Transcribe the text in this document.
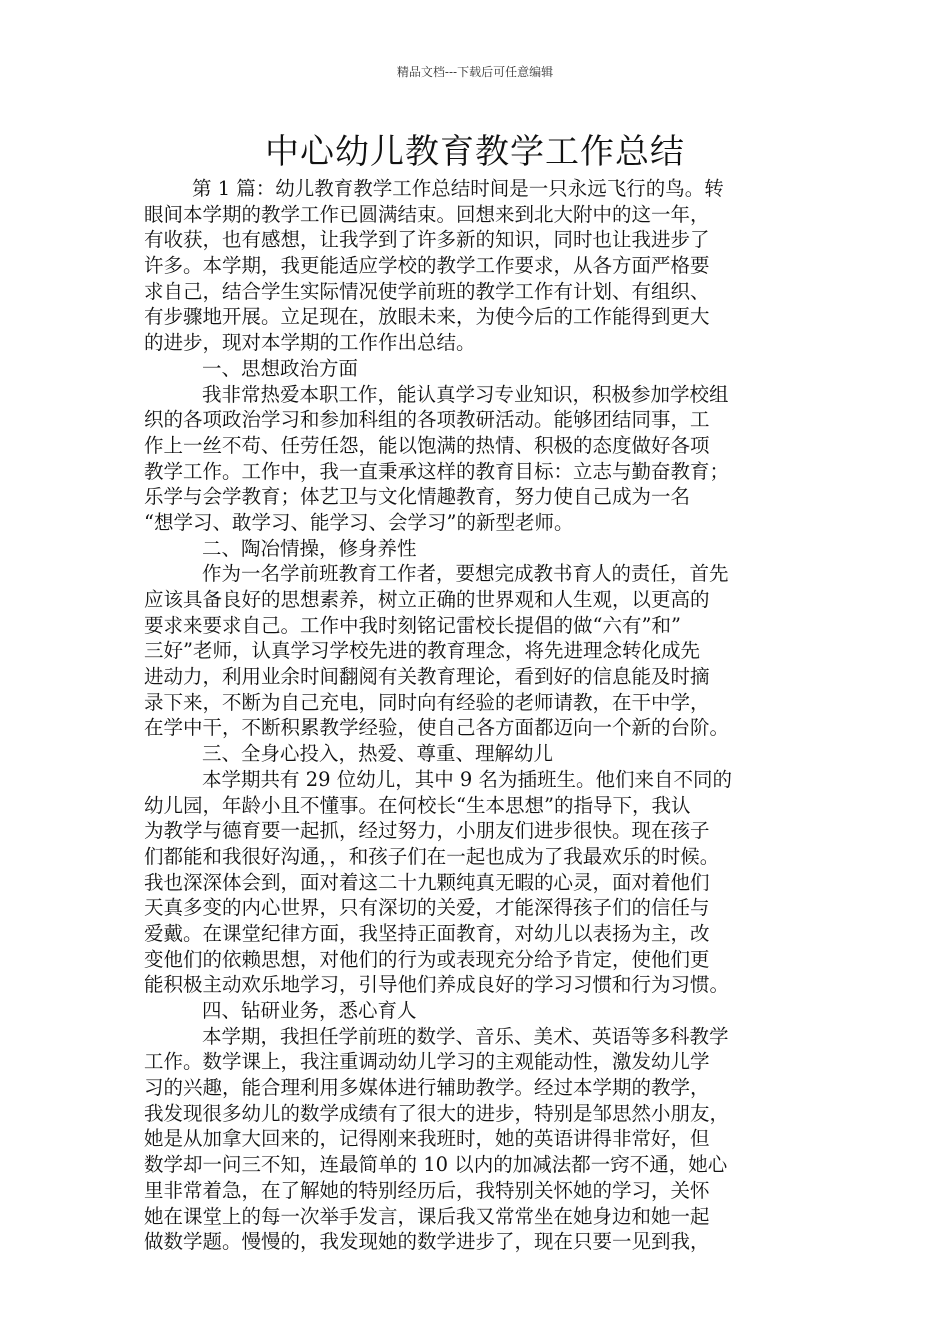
精品文档---下载后可任意编辑
中心幼儿教育教学工作总结
第 1 篇：幼儿教育教学工作总结时间是一只永远飞行的鸟。转
眼间本学期的教学工作已圆满结束。回想来到北大附中的这一年，
有收获，也有感想，让我学到了许多新的知识，同时也让我进步了
许多。本学期，我更能适应学校的教学工作要求，从各方面严格要
求自己，结合学生实际情况使学前班的教学工作有计划、有组织、
有步骤地开展。立足现在，放眼未来，为使今后的工作能得到更大
的进步，现对本学期的工作作出总结。
一、思想政治方面
我非常热爱本职工作，能认真学习专业知识，积极参加学校组
织的各项政治学习和参加科组的各项教研活动。能够团结同事，工
作上一丝不苟、任劳任怨，能以饱满的热情、积极的态度做好各项
教学工作。工作中，我一直秉承这样的教育目标：立志与勤奋教育；
乐学与会学教育；体艺卫与文化情趣教育，努力使自己成为一名
“想学习、敢学习、能学习、会学习”的新型老师。
二、陶冶情操，修身养性
作为一名学前班教育工作者，要想完成教书育人的责任，首先
应该具备良好的思想素养，树立正确的世界观和人生观，以更高的
要求来要求自己。工作中我时刻铭记雷校长提倡的做“六有”和”
三好”老师，认真学习学校先进的教育理念，将先进理念转化成先
进动力，利用业余时间翻阅有关教育理论，看到好的信息能及时摘
录下来，不断为自己充电，同时向有经验的老师请教，在干中学，
在学中干，不断积累教学经验，使自己各方面都迈向一个新的台阶。
三、全身心投入，热爱、尊重、理解幼儿
本学期共有 29 位幼儿，其中 9 名为插班生。他们来自不同的
幼儿园，年龄小且不懂事。在何校长“生本思想”的指导下，我认
为教学与德育要一起抓，经过努力，小朋友们进步很快。现在孩子
们都能和我很好沟通，，和孩子们在一起也成为了我最欢乐的时候。
我也深深体会到，面对着这二十九颗纯真无暇的心灵，面对着他们
天真多变的内心世界，只有深切的关爱，才能深得孩子们的信任与
爱戴。在课堂纪律方面，我坚持正面教育，对幼儿以表扬为主，改
变他们的依赖思想，对他们的行为或表现充分给予肯定，使他们更
能积极主动欢乐地学习，引导他们养成良好的学习习惯和行为习惯。
四、钻研业务，悉心育人
本学期，我担任学前班的数学、音乐、美术、英语等多科教学
工作。数学课上，我注重调动幼儿学习的主观能动性，激发幼儿学
习的兴趣，能合理利用多媒体进行辅助教学。经过本学期的教学，
我发现很多幼儿的数学成绩有了很大的进步，特别是邹思然小朋友，
她是从加拿大回来的，记得刚来我班时，她的英语讲得非常好，但
数学却一问三不知，连最简单的 10 以内的加减法都一窍不通，她心
里非常着急，在了解她的特别经历后，我特别关怀她的学习，关怀
她在课堂上的每一次举手发言，课后我又常常坐在她身边和她一起
做数学题。慢慢的，我发现她的数学进步了，现在只要一见到我，
